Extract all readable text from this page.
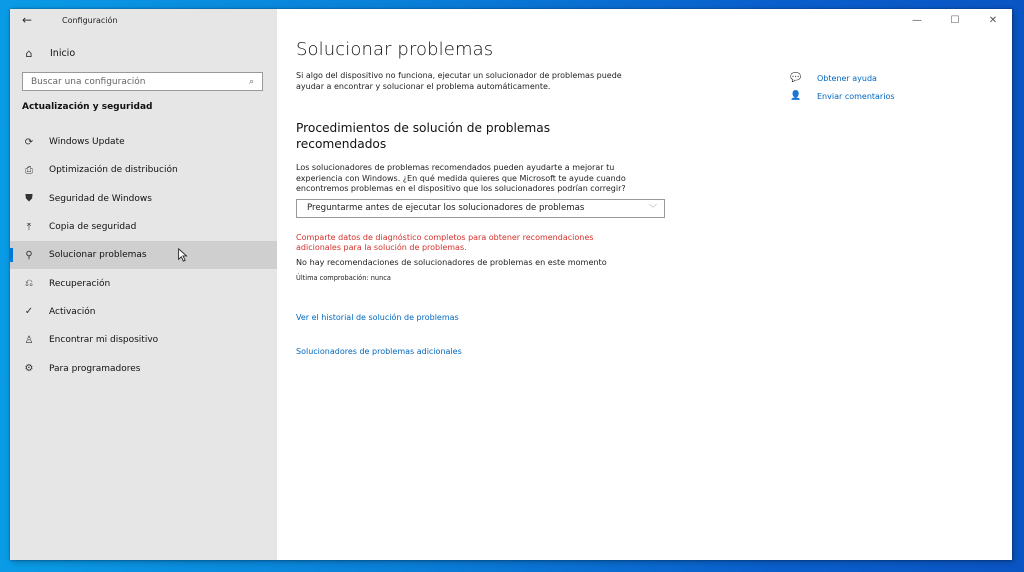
←	Configuración
⌂	Inicio
Buscar una configuración	⌕
Actualización y seguridad
⟳	Windows Update
⎙	Optimización de distribución
⛊	Seguridad de Windows
⤒	Copia de seguridad
⚲	Solucionar problemas
⎌	Recuperación
✓	Activación
♙ Encontrar mi dispositivo
⚙ Para programadores
—	☐	✕
Solucionar problemas
Si algo del dispositivo no funciona, ejecutar un solucionador de problemas puede ayudar a encontrar y solucionar el problema automáticamente.
Procedimientos de solución de problemas recomendados
Los solucionadores de problemas recomendados pueden ayudarte a mejorar tu experiencia con Windows. ¿En qué medida quieres que Microsoft te ayude cuando encontremos problemas en el dispositivo que los solucionadores podrían corregir?
Preguntarme antes de ejecutar los solucionadores de problemas	﹀
Comparte datos de diagnóstico completos para obtener recomendaciones adicionales para la solución de problemas.
No hay recomendaciones de solucionadores de problemas en este momento
Última comprobación: nunca
Ver el historial de solución de problemas
Solucionadores de problemas adicionales
💬 Obtener ayuda
👤 Enviar comentarios
